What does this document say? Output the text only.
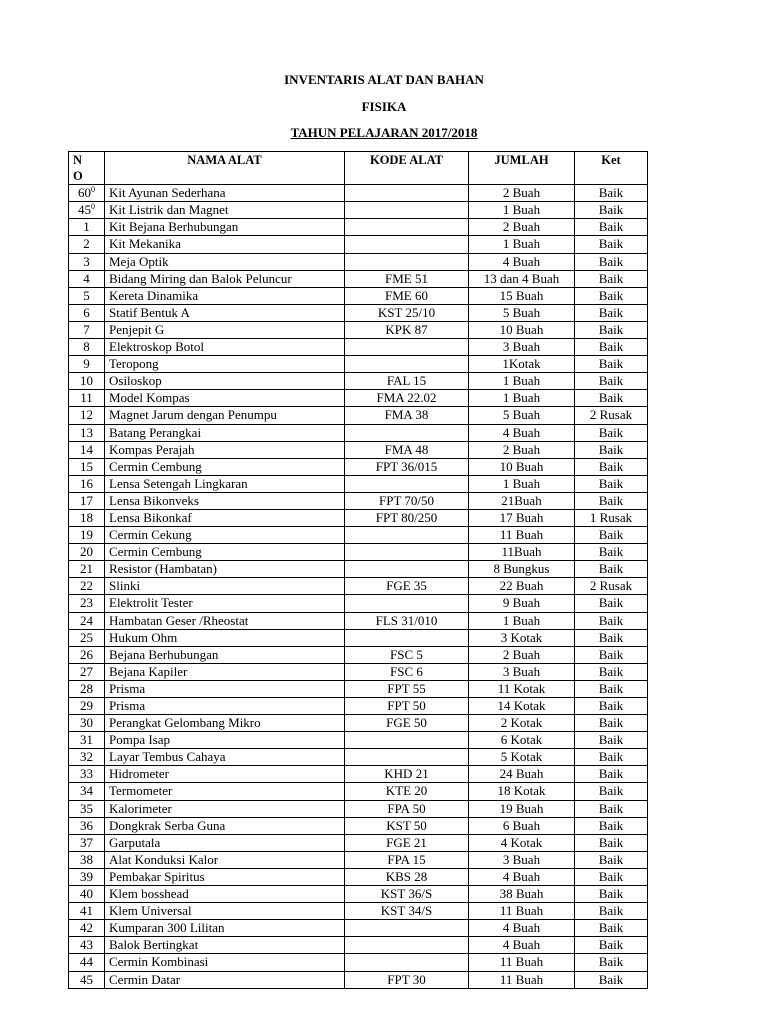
INVENTARIS ALAT DAN BAHAN
FISIKA
TAHUN PELAJARAN 2017/2018
N
O	NAMA ALAT	KODE ALAT	JUMLAH	Ket
$60^0$	Kit Ayunan Sederhana		2 Buah	Baik
$45^0$	Kit Listrik dan Magnet		1 Buah	Baik
1	Kit Bejana Berhubungan		2 Buah	Baik
2	Kit Mekanika		1 Buah	Baik
3	Meja Optik		4 Buah	Baik
4	Bidang Miring dan Balok Peluncur	FME 51	13 dan 4 Buah	Baik
5	Kereta Dinamika	FME 60	15 Buah	Baik
6	Statif Bentuk A	KST 25/10	5 Buah	Baik
7	Penjepit G	KPK 87	10 Buah	Baik
8	Elektroskop Botol		3 Buah	Baik
9	Teropong		1Kotak	Baik
10	Osiloskop	FAL 15	1 Buah	Baik
11	Model Kompas	FMA 22.02	1 Buah	Baik
12	Magnet Jarum dengan Penumpu	FMA 38	5 Buah	2 Rusak
13	Batang Perangkai		4 Buah	Baik
14	Kompas Perajah	FMA 48	2 Buah	Baik
15	Cermin Cembung	FPT 36/015	10 Buah	Baik
16	Lensa Setengah Lingkaran		1 Buah	Baik
17	Lensa Bikonveks	FPT 70/50	21Buah	Baik
18	Lensa Bikonkaf	FPT 80/250	17 Buah	1 Rusak
19	Cermin Cekung		11 Buah	Baik
20	Cermin Cembung		11Buah	Baik
21	Resistor (Hambatan)		8 Bungkus	Baik
22	Slinki	FGE 35	22 Buah	2 Rusak
23	Elektrolit Tester		9 Buah	Baik
24	Hambatan Geser /Rheostat	FLS 31/010	1 Buah	Baik
25	Hukum Ohm		3 Kotak	Baik
26	Bejana Berhubungan	FSC 5	2 Buah	Baik
27	Bejana Kapiler	FSC 6	3 Buah	Baik
28	Prisma	FPT 55	11 Kotak	Baik
29	Prisma	FPT 50	14 Kotak	Baik
30	Perangkat Gelombang Mikro	FGE 50	2 Kotak	Baik
31	Pompa Isap		6 Kotak	Baik
32	Layar Tembus Cahaya		5 Kotak	Baik
33	Hidrometer	KHD 21	24 Buah	Baik
34	Termometer	KTE 20	18 Kotak	Baik
35	Kalorimeter	FPA 50	19 Buah	Baik
36	Dongkrak Serba Guna	KST 50	6 Buah	Baik
37	Garputala	FGE 21	4 Kotak	Baik
38	Alat Konduksi Kalor	FPA 15	3 Buah	Baik
39	Pembakar Spiritus	KBS 28	4 Buah	Baik
40	Klem bosshead	KST 36/S	38 Buah	Baik
41	Klem Universal	KST 34/S	11 Buah	Baik
42	Kumparan 300 Lilitan		4 Buah	Baik
43	Balok Bertingkat		4 Buah	Baik
44	Cermin Kombinasi		11 Buah	Baik
45	Cermin Datar	FPT 30	11 Buah	Baik
